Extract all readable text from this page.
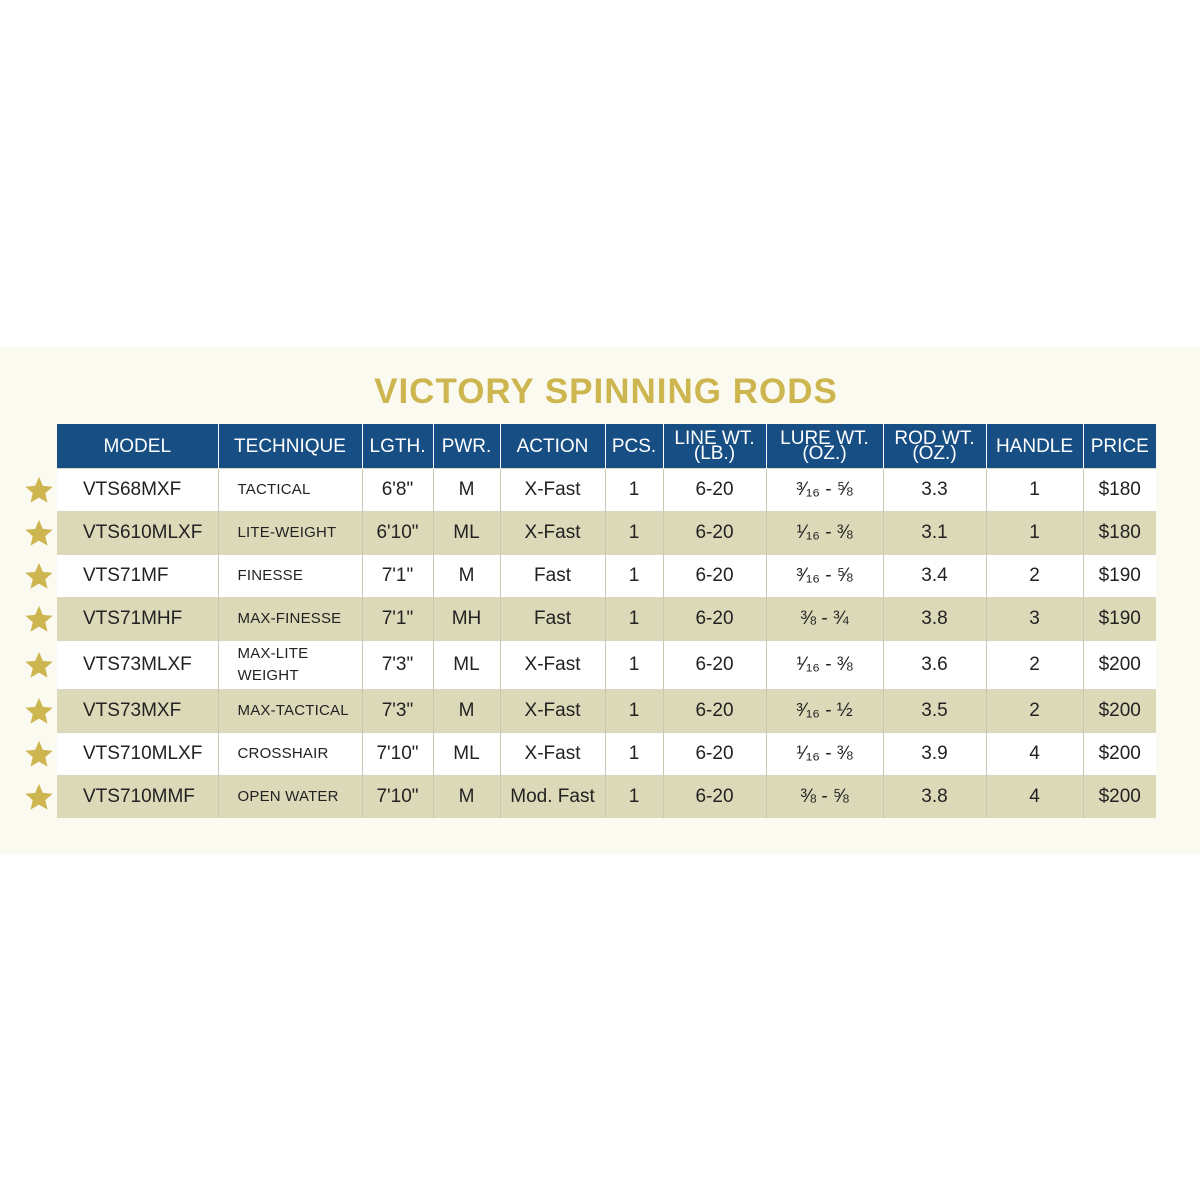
VICTORY SPINNING RODS
MODEL	TECHNIQUE	LGTH.	PWR.	ACTION	PCS.	LINE WT.
(LB.)	LURE WT.
(OZ.)	ROD WT.
(OZ.)	HANDLE	PRICE
VTS68MXF	TACTICAL	6'8"	M	X-Fast	1	6-20	³⁄₁₆ - ⅝	3.3	1	$180
VTS610MLXF	LITE-WEIGHT	6'10"	ML	X-Fast	1	6-20	¹⁄₁₆ - ⅜	3.1	1	$180
VTS71MF	FINESSE	7'1"	M	Fast	1	6-20	³⁄₁₆ - ⅝	3.4	2	$190
VTS71MHF	MAX-FINESSE	7'1"	MH	Fast	1	6-20	⅜ - ¾	3.8	3	$190
VTS73MLXF	MAX-LITE
WEIGHT	7'3"	ML	X-Fast	1	6-20	¹⁄₁₆ - ⅜	3.6	2	$200
VTS73MXF	MAX-TACTICAL	7'3"	M	X-Fast	1	6-20	³⁄₁₆ - ½	3.5	2	$200
VTS710MLXF	CROSSHAIR	7'10"	ML	X-Fast	1	6-20	¹⁄₁₆ - ⅜	3.9	4	$200
VTS710MMF	OPEN WATER	7'10"	M	Mod. Fast	1	6-20	⅜ - ⅝	3.8	4	$200
